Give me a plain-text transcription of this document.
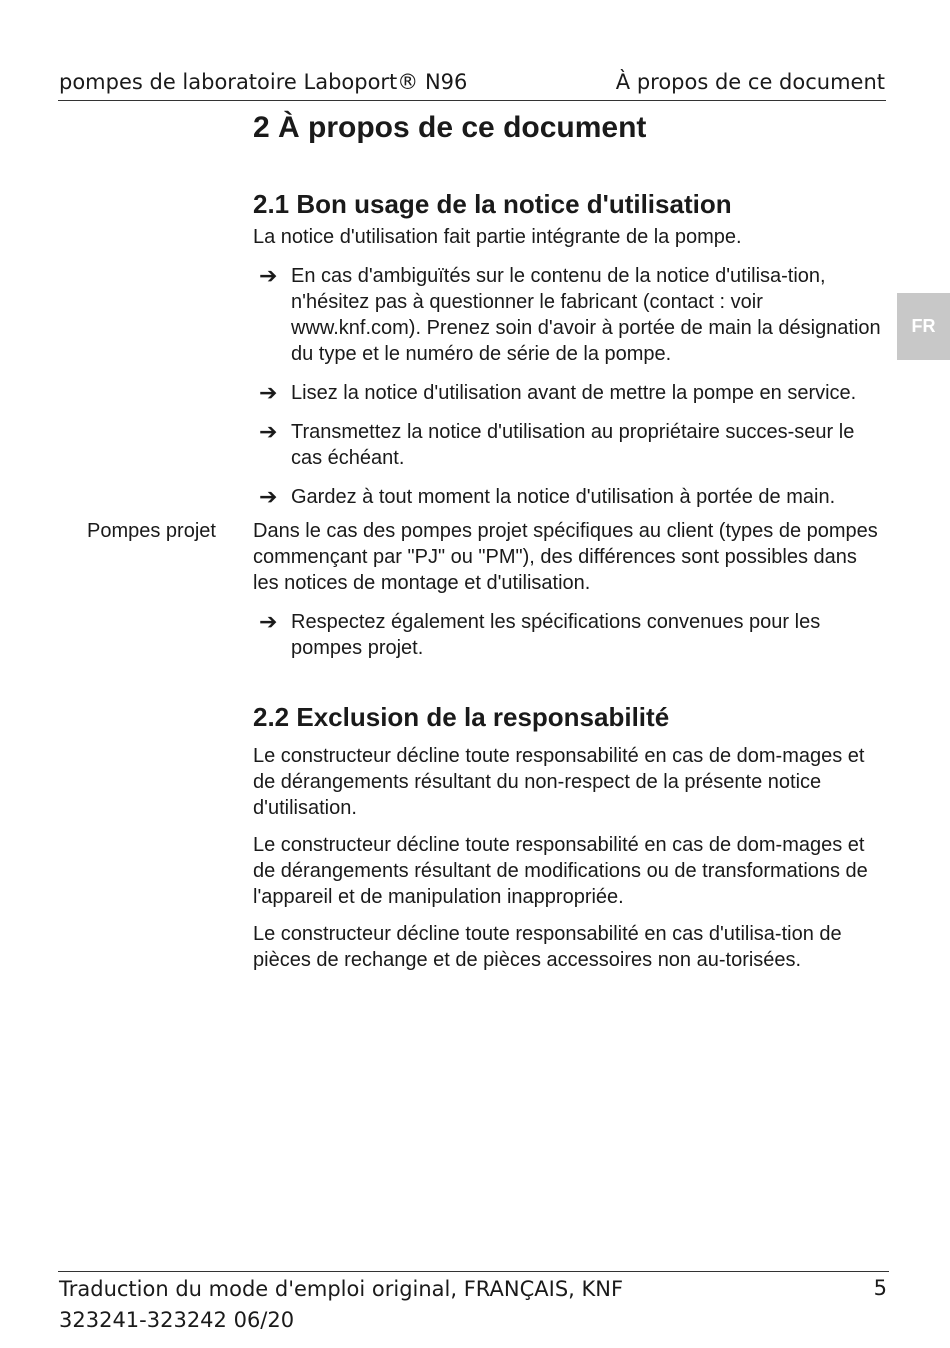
pompes de laboratoire Laboport® N96	À propos de ce document
FR
2 À propos de ce document
2.1 Bon usage de la notice d'utilisation

La notice d'utilisation fait partie intégrante de la pompe.

➔ En cas d'ambiguïtés sur le contenu de la notice d'utilisa-tion, n'hésitez pas à questionner le fabricant (contact : voir www.knf.com). Prenez soin d'avoir à portée de main la désignation du type et le numéro de série de la pompe.
➔ Lisez la notice d'utilisation avant de mettre la pompe en service.
➔ Transmettez la notice d'utilisation au propriétaire succes-seur le cas échéant.
➔ Gardez à tout moment la notice d'utilisation à portée de main.
Pompes projet Dans le cas des pompes projet spécifiques au client (types de pompes commençant par "PJ" ou "PM"), des différences sont possibles dans les notices de montage et d'utilisation.

➔ Respectez également les spécifications convenues pour les pompes projet.
2.2 Exclusion de la responsabilité

Le constructeur décline toute responsabilité en cas de dom-mages et de dérangements résultant du non-respect de la présente notice d'utilisation.

Le constructeur décline toute responsabilité en cas de dom-mages et de dérangements résultant de modifications ou de transformations de l'appareil et de manipulation inappropriée.

Le constructeur décline toute responsabilité en cas d'utilisa-tion de pièces de rechange et de pièces accessoires non au-torisées.

Traduction du mode d'emploi original, FRANÇAIS, KNF
323241-323242 06/20
5
